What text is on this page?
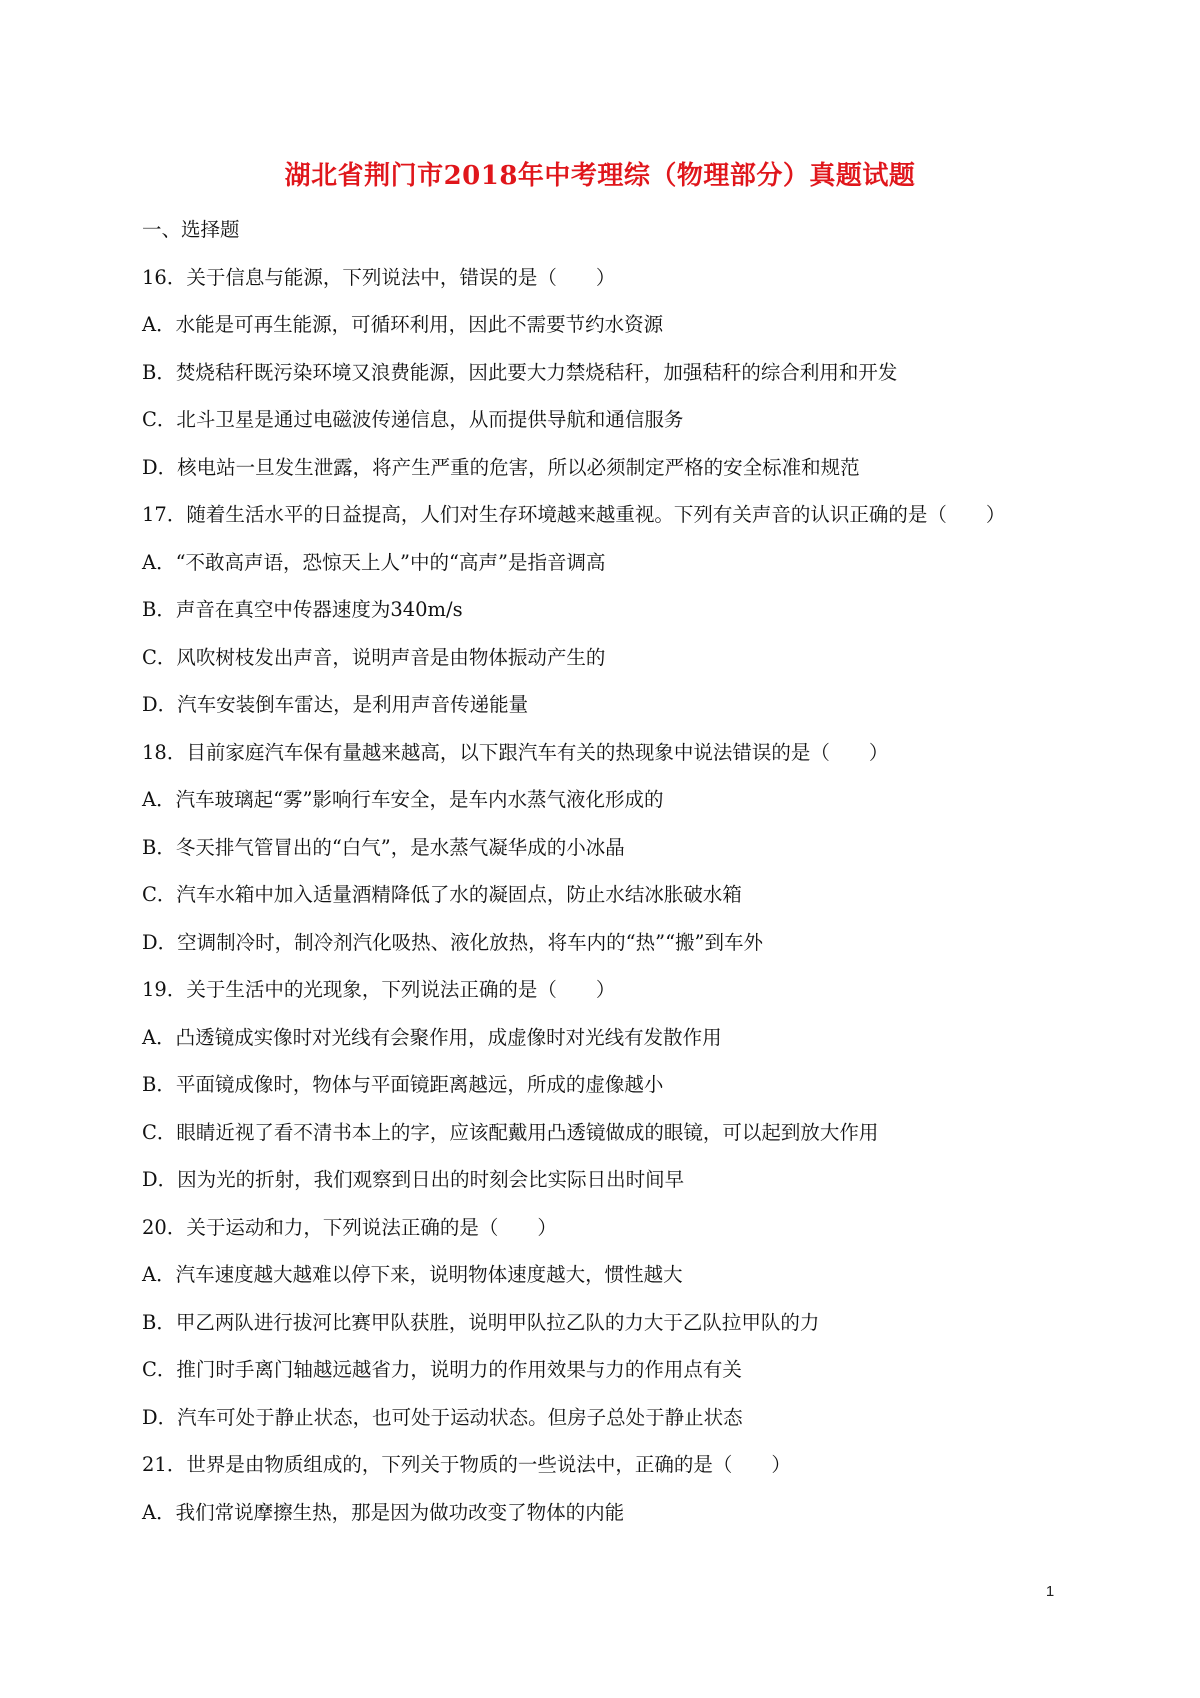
湖北省荆门市2018年中考理综（物理部分）真题试题
一、选择题
16．关于信息与能源，下列说法中，错误的是（　　）
A．水能是可再生能源，可循环利用，因此不需要节约水资源
B．焚烧秸秆既污染环境又浪费能源，因此要大力禁烧秸秆，加强秸秆的综合利用和开发
C．北斗卫星是通过电磁波传递信息，从而提供导航和通信服务
D．核电站一旦发生泄露，将产生严重的危害，所以必须制定严格的安全标准和规范
17．随着生活水平的日益提高，人们对生存环境越来越重视。下列有关声音的认识正确的是（　　）
A．“不敢高声语，恐惊天上人”中的“高声”是指音调高
B．声音在真空中传器速度为340m/s
C．风吹树枝发出声音，说明声音是由物体振动产生的
D．汽车安装倒车雷达，是利用声音传递能量
18．目前家庭汽车保有量越来越高，以下跟汽车有关的热现象中说法错误的是（　　）
A．汽车玻璃起“雾”影响行车安全，是车内水蒸气液化形成的
B．冬天排气管冒出的“白气”，是水蒸气凝华成的小冰晶
C．汽车水箱中加入适量酒精降低了水的凝固点，防止水结冰胀破水箱
D．空调制冷时，制冷剂汽化吸热、液化放热，将车内的“热”“搬”到车外
19．关于生活中的光现象，下列说法正确的是（　　）
A．凸透镜成实像时对光线有会聚作用，成虚像时对光线有发散作用
B．平面镜成像时，物体与平面镜距离越远，所成的虚像越小
C．眼睛近视了看不清书本上的字，应该配戴用凸透镜做成的眼镜，可以起到放大作用
D．因为光的折射，我们观察到日出的时刻会比实际日出时间早
20．关于运动和力，下列说法正确的是（　　）
A．汽车速度越大越难以停下来，说明物体速度越大，惯性越大
B．甲乙两队进行拔河比赛甲队获胜，说明甲队拉乙队的力大于乙队拉甲队的力
C．推门时手离门轴越远越省力，说明力的作用效果与力的作用点有关
D．汽车可处于静止状态，也可处于运动状态。但房子总处于静止状态
21．世界是由物质组成的，下列关于物质的一些说法中，正确的是（　　）
A．我们常说摩擦生热，那是因为做功改变了物体的内能
1
